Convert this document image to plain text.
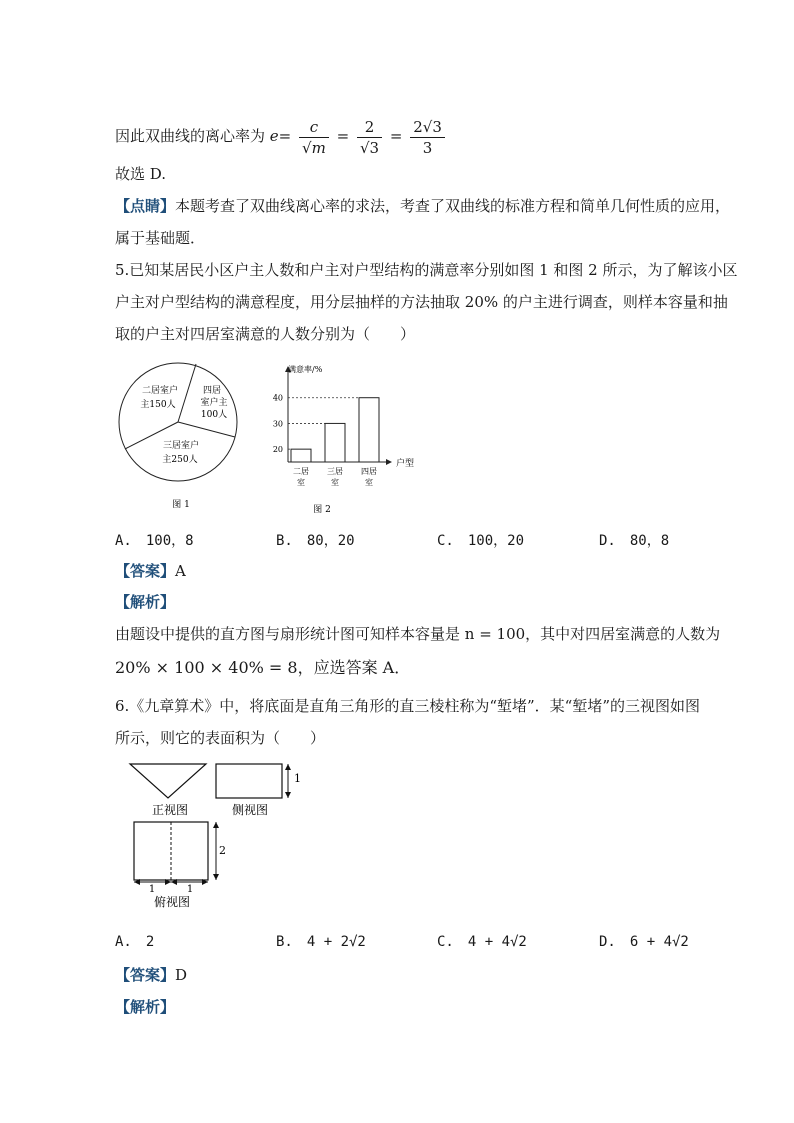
因此双曲线的离心率为 $e= \frac{c}{√m} = \frac{2}{√3} = \frac{2√3}{3}$
故选 D.
【点睛】本题考查了双曲线离心率的求法，考查了双曲线的标准方程和简单几何性质的应用，
属于基础题．
5.已知某居民小区户主人数和户主对户型结构的满意率分别如图 1 和图 2 所示，为了解该小区
户主对户型结构的满意程度，用分层抽样的方法抽取 20% 的户主进行调查，则样本容量和抽
取的户主对四居室满意的人数分别为（　　）
二居室户
主150人
四居
室户主
100人
三居室户
主250人
图 1
满意率/%
户型
20
二居
室
30
三居
室
40
四居
室
图 2
A.　100，8	B.　80，20	C.　100，20	D.　80，8
【答案】A
【解析】
由题设中提供的直方图与扇形统计图可知样本容量是 n = 100，其中对四居室满意的人数为
20% × 100 × 40% = 8，应选答案 A．
6.《九章算术》中，将底面是直角三角形的直三棱柱称为“堑堵”．某“堑堵”的三视图如图
所示，则它的表面积为（　　）
正视图
1
侧视图
2
1	1
俯视图
A.　2	B.　4 + 2√2	C.　4 + 4√2	D.　6 + 4√2
【答案】D
【解析】
